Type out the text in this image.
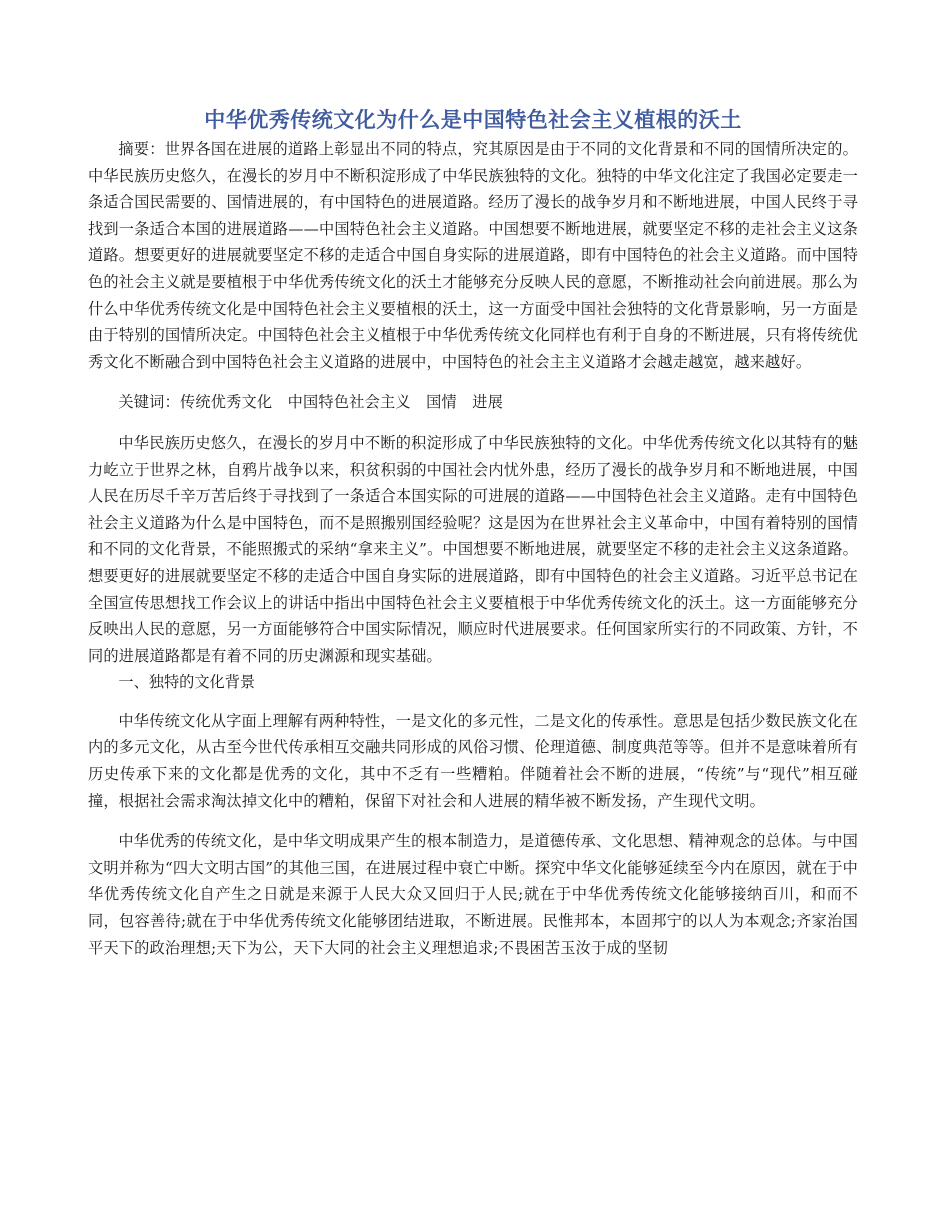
中华优秀传统文化为什么是中国特色社会主义植根的沃土

摘要：世界各国在进展的道路上彰显出不同的特点，究其原因是由于不同的文化背景和不同的国情所决定的。中华民族历史悠久，在漫长的岁月中不断积淀形成了中华民族独特的文化。独特的中华文化注定了我国必定要走一条适合国民需要的、国情进展的，有中国特色的进展道路。经历了漫长的战争岁月和不断地进展，中国人民终于寻找到一条适合本国的进展道路——中国特色社会主义道路。中国想要不断地进展，就要坚定不移的走社会主义这条道路。想要更好的进展就要坚定不移的走适合中国自身实际的进展道路，即有中国特色的社会主义道路。而中国特色的社会主义就是要植根于中华优秀传统文化的沃土才能够充分反映人民的意愿，不断推动社会向前进展。那么为什么中华优秀传统文化是中国特色社会主义要植根的沃土，这一方面受中国社会独特的文化背景影响，另一方面是由于特别的国情所决定。中国特色社会主义植根于中华优秀传统文化同样也有利于自身的不断进展，只有将传统优秀文化不断融合到中国特色社会主义道路的进展中，中国特色的社会主主义道路才会越走越宽，越来越好。

关键词：传统优秀文化　中国特色社会主义　国情　进展

中华民族历史悠久，在漫长的岁月中不断的积淀形成了中华民族独特的文化。中华优秀传统文化以其特有的魅力屹立于世界之林，自鸦片战争以来，积贫积弱的中国社会内忧外患，经历了漫长的战争岁月和不断地进展，中国人民在历尽千辛万苦后终于寻找到了一条适合本国实际的可进展的道路——中国特色社会主义道路。走有中国特色社会主义道路为什么是中国特色，而不是照搬别国经验呢？这是因为在世界社会主义革命中，中国有着特别的国情和不同的文化背景，不能照搬式的采纳“拿来主义”。中国想要不断地进展，就要坚定不移的走社会主义这条道路。想要更好的进展就要坚定不移的走适合中国自身实际的进展道路，即有中国特色的社会主义道路。习近平总书记在全国宣传思想找工作会议上的讲话中指出中国特色社会主义要植根于中华优秀传统文化的沃土。这一方面能够充分反映出人民的意愿，另一方面能够符合中国实际情况，顺应时代进展要求。任何国家所实行的不同政策、方针，不同的进展道路都是有着不同的历史渊源和现实基础。

一、独特的文化背景

中华传统文化从字面上理解有两种特性，一是文化的多元性，二是文化的传承性。意思是包括少数民族文化在内的多元文化，从古至今世代传承相互交融共同形成的风俗习惯、伦理道德、制度典范等等。但并不是意味着所有历史传承下来的文化都是优秀的文化，其中不乏有一些糟粕。伴随着社会不断的进展，“传统”与“现代”相互碰撞，根据社会需求淘汰掉文化中的糟粕，保留下对社会和人进展的精华被不断发扬，产生现代文明。

中华优秀的传统文化，是中华文明成果产生的根本制造力，是道德传承、文化思想、精神观念的总体。与中国文明并称为“四大文明古国”的其他三国，在进展过程中衰亡中断。探究中华文化能够延续至今内在原因，就在于中华优秀传统文化自产生之日就是来源于人民大众又回归于人民;就在于中华优秀传统文化能够接纳百川，和而不同，包容善待;就在于中华优秀传统文化能够团结进取，不断进展。民惟邦本，本固邦宁的以人为本观念;齐家治国平天下的政治理想;天下为公，天下大同的社会主义理想追求;不畏困苦玉汝于成的坚韧
